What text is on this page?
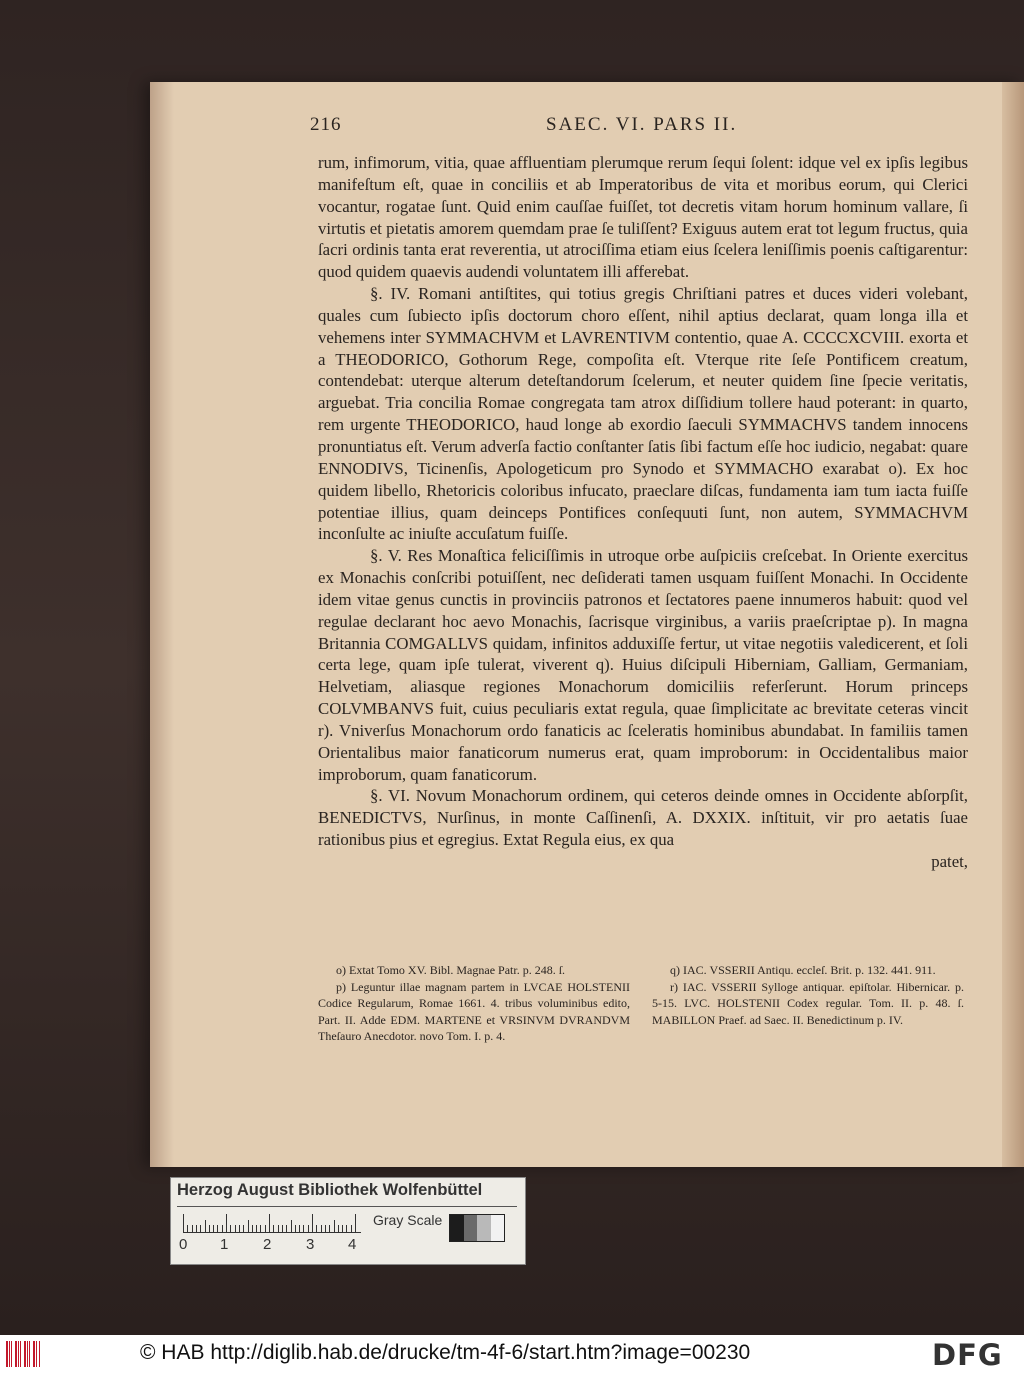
216	SAEC. VI. PARS II.

rum, infimorum, vitia, quae affluentiam plerumque rerum ſequi ſolent: idque vel ex ipſis legibus manifeſtum eſt, quae in conciliis et ab Imperatoribus de vita et moribus eorum, qui Clerici vocantur, rogatae ſunt. Quid enim cauſſae fuiſſet, tot decretis vitam horum hominum vallare, ſi virtutis et pietatis amorem quemdam prae ſe tuliſſent? Exiguus autem erat tot legum fructus, quia ſacri ordinis tanta erat reverentia, ut atrociſſima etiam eius ſcelera leniſſimis poenis caſtigarentur: quod quidem quaevis audendi voluntatem illi afferebat.

§. IV. Romani antiſtites, qui totius gregis Chriſtiani patres et duces videri volebant, quales cum ſubiecto ipſis doctorum choro eſſent, nihil aptius declarat, quam longa illa et vehemens inter SYMMACHVM et LAVRENTIVM contentio, quae A. CCCCXCVIII. exorta et a THEODORICO, Gothorum Rege, compoſita eſt. Vterque rite ſeſe Pontificem creatum, contendebat: uterque alterum deteſtandorum ſcelerum, et neuter quidem ſine ſpecie veritatis, arguebat. Tria concilia Romae congregata tam atrox diſſidium tollere haud poterant: in quarto, rem urgente THEODORICO, haud longe ab exordio ſaeculi SYMMACHVS tandem innocens pronuntiatus eſt. Verum adverſa factio conſtanter ſatis ſibi factum eſſe hoc iudicio, negabat: quare ENNODIVS, Ticinenſis, Apologeticum pro Synodo et SYMMACHO exarabat o). Ex hoc quidem libello, Rhetoricis coloribus infucato, praeclare diſcas, fundamenta iam tum iacta fuiſſe potentiae illius, quam deinceps Pontifices conſequuti ſunt, non autem, SYMMACHVM inconſulte ac iniuſte accuſatum fuiſſe.

§. V. Res Monaſtica feliciſſimis in utroque orbe auſpiciis creſcebat. In Oriente exercitus ex Monachis conſcribi potuiſſent, nec deſiderati tamen usquam fuiſſent Monachi. In Occidente idem vitae genus cunctis in provinciis patronos et ſectatores paene innumeros habuit: quod vel regulae declarant hoc aevo Monachis, ſacrisque virginibus, a variis praeſcriptae p). In magna Britannia COMGALLVS quidam, infinitos adduxiſſe fertur, ut vitae negotiis valedicerent, et ſoli certa lege, quam ipſe tulerat, viverent q). Huius diſcipuli Hiberniam, Galliam, Germaniam, Helvetiam, aliasque regiones Monachorum domiciliis referſerunt. Horum princeps COLVMBANVS fuit, cuius peculiaris extat regula, quae ſimplicitate ac brevitate ceteras vincit r). Vniverſus Monachorum ordo fanaticis ac ſceleratis hominibus abundabat. In familiis tamen Orientalibus maior fanaticorum numerus erat, quam improborum: in Occidentalibus maior improborum, quam fanaticorum.

§. VI. Novum Monachorum ordinem, qui ceteros deinde omnes in Occidente abſorpſit, BENEDICTVS, Nurſinus, in monte Caſſinenſi, A. DXXIX. inſtituit, vir pro aetatis ſuae rationibus pius et egregius. Extat Regula eius, ex qua

patet,

o) Extat Tomo XV. Bibl. Magnae Patr. p. 248. ſ.

p) Leguntur illae magnam partem in LVCAE HOLSTENII Codice Regularum, Romae 1661. 4. tribus voluminibus edito, Part. II. Adde EDM. MARTENE et VRSINVM DVRANDVM Theſauro Anecdotor. novo Tom. I. p. 4.

q) IAC. VSSERII Antiqu. eccleſ. Brit. p. 132. 441. 911.

r) IAC. VSSERII Sylloge antiquar. epiſtolar. Hibernicar. p. 5-15. LVC. HOLSTENII Codex regular. Tom. II. p. 48. ſ. MABILLON Praef. ad Saec. II. Benedictinum p. IV.

Herzog August Bibliothek Wolfenbüttel
0 1 2 3 4
Gray Scale
© HAB http://diglib.hab.de/drucke/tm-4f-6/start.htm?image=00230	DFG
